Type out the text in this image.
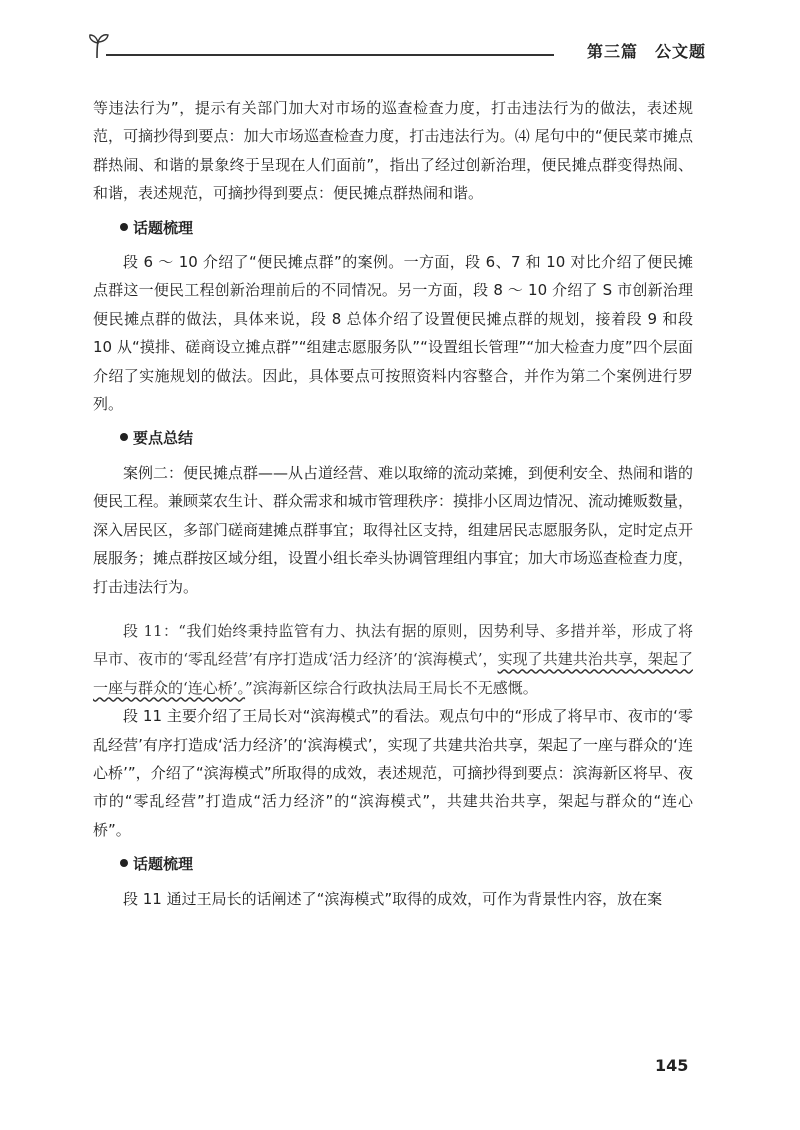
第三篇　公文题

等违法行为”，提示有关部门加大对市场的巡查检查力度，打击违法行为的做法，表述规范，可摘抄得到要点：加大市场巡查检查力度，打击违法行为。⑷ 尾句中的“便民菜市摊点群热闹、和谐的景象终于呈现在人们面前”，指出了经过创新治理，便民摊点群变得热闹、和谐，表述规范，可摘抄得到要点：便民摊点群热闹和谐。

话题梳理

段 6 ～ 10 介绍了“便民摊点群”的案例。一方面，段 6、7 和 10 对比介绍了便民摊点群这一便民工程创新治理前后的不同情况。另一方面，段 8 ～ 10 介绍了 S 市创新治理便民摊点群的做法，具体来说，段 8 总体介绍了设置便民摊点群的规划，接着段 9 和段 10 从“摸排、磋商设立摊点群”“组建志愿服务队”“设置组长管理”“加大检查力度”四个层面介绍了实施规划的做法。因此，具体要点可按照资料内容整合，并作为第二个案例进行罗列。

要点总结

案例二：便民摊点群——从占道经营、难以取缔的流动菜摊，到便利安全、热闹和谐的便民工程。兼顾菜农生计、群众需求和城市管理秩序：摸排小区周边情况、流动摊贩数量，深入居民区，多部门磋商建摊点群事宜；取得社区支持，组建居民志愿服务队，定时定点开展服务；摊点群按区域分组，设置小组长牵头协调管理组内事宜；加大市场巡查检查力度，打击违法行为。

段 11：“我们始终秉持监管有力、执法有据的原则，因势利导、多措并举，形成了将早市、夜市的‘零乱经营’有序打造成‘活力经济’的‘滨海模式’，实现了共建共治共享，架起了一座与群众的‘连心桥’。”滨海新区综合行政执法局王局长不无感慨。

段 11 主要介绍了王局长对“滨海模式”的看法。观点句中的“形成了将早市、夜市的‘零乱经营’有序打造成‘活力经济’的‘滨海模式’，实现了共建共治共享，架起了一座与群众的‘连心桥’”，介绍了“滨海模式”所取得的成效，表述规范，可摘抄得到要点：滨海新区将早、夜市的“零乱经营”打造成“活力经济”的“滨海模式”，共建共治共享，架起与群众的“连心桥”。

话题梳理

段 11 通过王局长的话阐述了“滨海模式”取得的成效，可作为背景性内容，放在案

145
